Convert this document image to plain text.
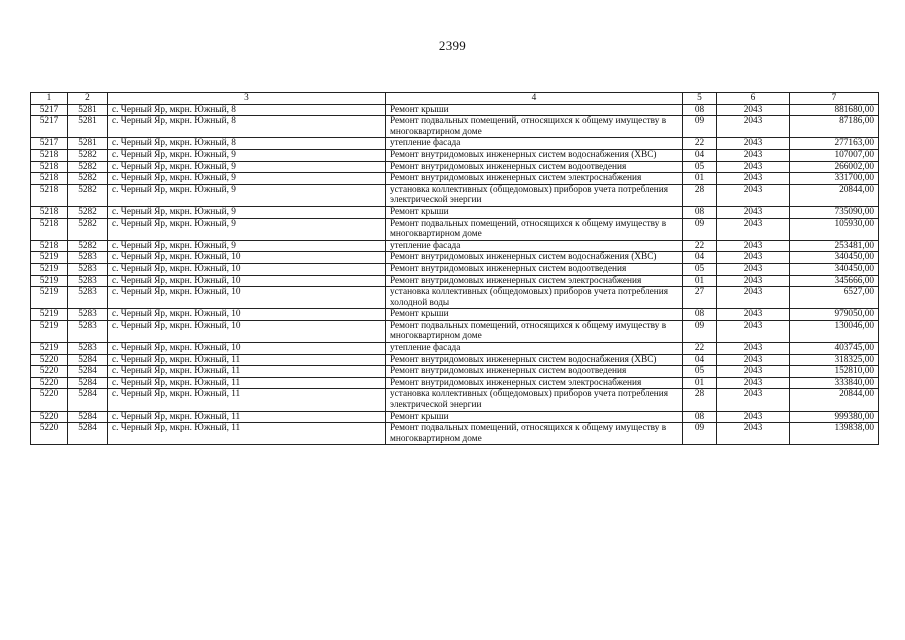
2399
1	2	3	4	5	6	7
5217	5281	с. Черный Яр, мкрн. Южный, 8	Ремонт крыши	08	2043	881680,00
5217	5281	с. Черный Яр, мкрн. Южный, 8	Ремонт подвальных помещений, относящихся к общему имуществу в многоквартирном доме	09	2043	87186,00
5217	5281	с. Черный Яр, мкрн. Южный, 8	утепление фасада	22	2043	277163,00
5218	5282	с. Черный Яр, мкрн. Южный, 9	Ремонт внутридомовых инженерных систем водоснабжения (ХВС)	04	2043	107007,00
5218	5282	с. Черный Яр, мкрн. Южный, 9	Ремонт внутридомовых инженерных систем водоотведения	05	2043	266002,00
5218	5282	с. Черный Яр, мкрн. Южный, 9	Ремонт внутридомовых инженерных систем электроснабжения	01	2043	331700,00
5218	5282	с. Черный Яр, мкрн. Южный, 9	установка коллективных (общедомовых) приборов учета потребления электрической энергии	28	2043	20844,00
5218	5282	с. Черный Яр, мкрн. Южный, 9	Ремонт крыши	08	2043	735090,00
5218	5282	с. Черный Яр, мкрн. Южный, 9	Ремонт подвальных помещений, относящихся к общему имуществу в многоквартирном доме	09	2043	105930,00
5218	5282	с. Черный Яр, мкрн. Южный, 9	утепление фасада	22	2043	253481,00
5219	5283	с. Черный Яр, мкрн. Южный, 10	Ремонт внутридомовых инженерных систем водоснабжения (ХВС)	04	2043	340450,00
5219	5283	с. Черный Яр, мкрн. Южный, 10	Ремонт внутридомовых инженерных систем водоотведения	05	2043	340450,00
5219	5283	с. Черный Яр, мкрн. Южный, 10	Ремонт внутридомовых инженерных систем электроснабжения	01	2043	345666,00
5219	5283	с. Черный Яр, мкрн. Южный, 10	установка коллективных (общедомовых) приборов учета потребления холодной воды	27	2043	6527,00
5219	5283	с. Черный Яр, мкрн. Южный, 10	Ремонт крыши	08	2043	979050,00
5219	5283	с. Черный Яр, мкрн. Южный, 10	Ремонт подвальных помещений, относящихся к общему имуществу в многоквартирном доме	09	2043	130046,00
5219	5283	с. Черный Яр, мкрн. Южный, 10	утепление фасада	22	2043	403745,00
5220	5284	с. Черный Яр, мкрн. Южный, 11	Ремонт внутридомовых инженерных систем водоснабжения (ХВС)	04	2043	318325,00
5220	5284	с. Черный Яр, мкрн. Южный, 11	Ремонт внутридомовых инженерных систем водоотведения	05	2043	152810,00
5220	5284	с. Черный Яр, мкрн. Южный, 11	Ремонт внутридомовых инженерных систем электроснабжения	01	2043	333840,00
5220	5284	с. Черный Яр, мкрн. Южный, 11	установка коллективных (общедомовых) приборов учета потребления электрической энергии	28	2043	20844,00
5220	5284	с. Черный Яр, мкрн. Южный, 11	Ремонт крыши	08	2043	999380,00
5220	5284	с. Черный Яр, мкрн. Южный, 11	Ремонт подвальных помещений, относящихся к общему имуществу в многоквартирном доме	09	2043	139838,00
